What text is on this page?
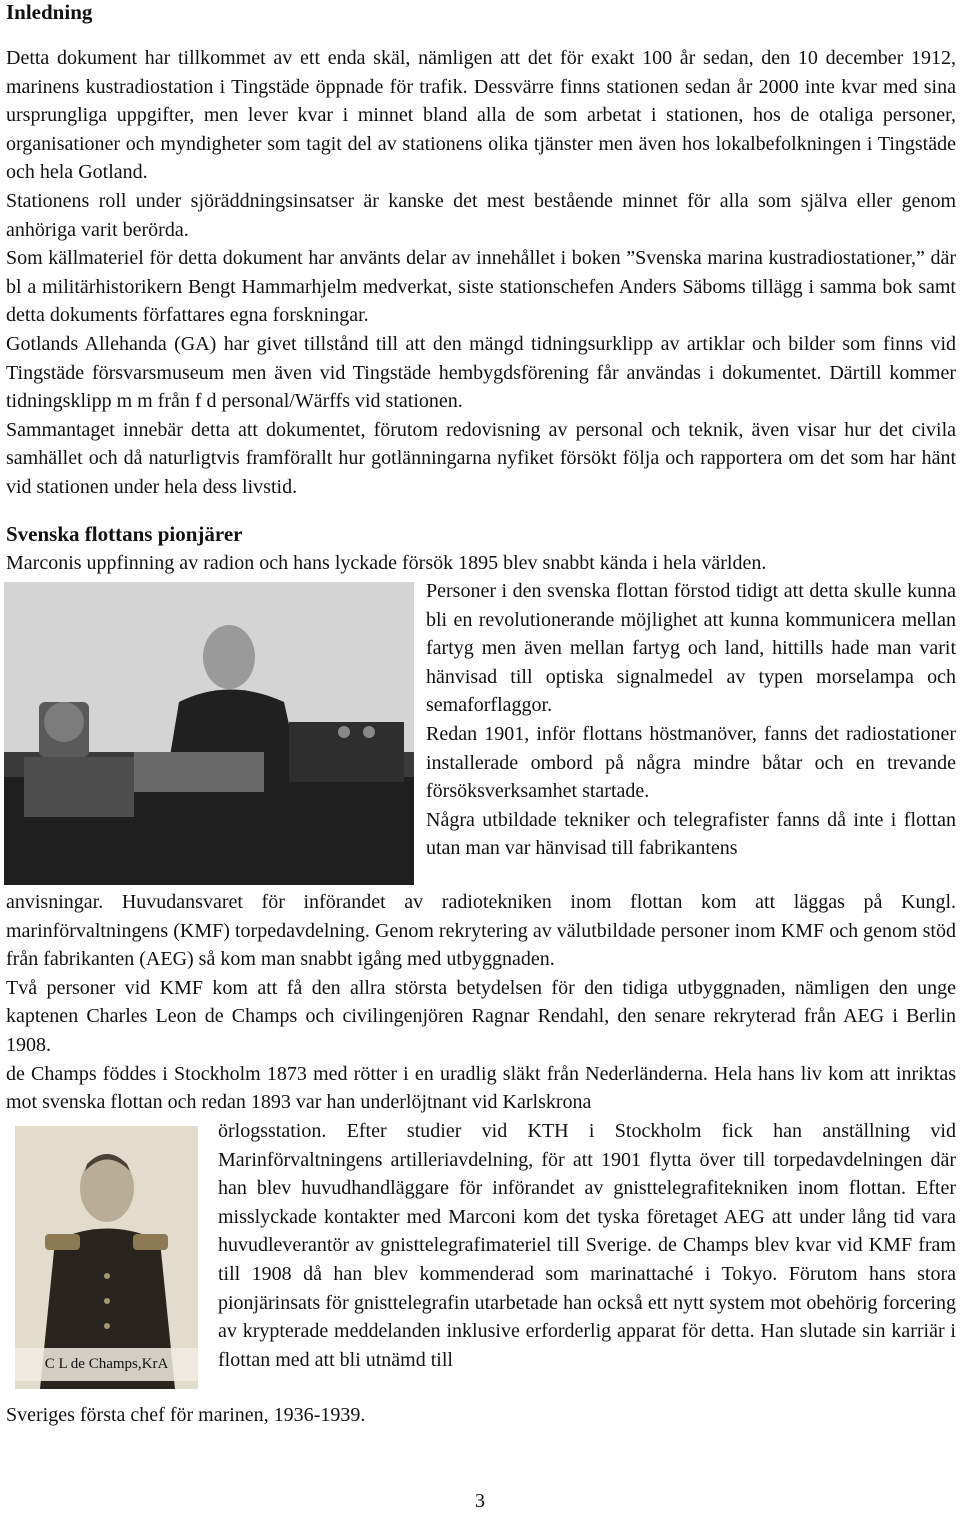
Inledning

Detta dokument har tillkommet av ett enda skäl, nämligen att det för exakt 100 år sedan, den 10 december 1912, marinens kustradiostation i Tingstäde öppnade för trafik. Dessvärre finns stationen sedan år 2000 inte kvar med sina ursprungliga uppgifter, men lever kvar i minnet bland alla de som arbetat i stationen, hos de otaliga personer, organisationer och myndigheter som tagit del av stationens olika tjänster men även hos lokalbefolkningen i Tingstäde och hela Gotland.

Stationens roll under sjöräddningsinsatser är kanske det mest bestående minnet för alla som själva eller genom anhöriga varit berörda.

Som källmateriel för detta dokument har använts delar av innehållet i boken ”Svenska marina kustradiostationer,” där bl a militärhistorikern Bengt Hammarhjelm medverkat, siste stationschefen Anders Säboms tillägg i samma bok samt detta dokuments författares egna forskningar.

Gotlands Allehanda (GA) har givet tillstånd till att den mängd tidningsurklipp av artiklar och bilder som finns vid Tingstäde försvarsmuseum men även vid Tingstäde hembygdsförening får användas i dokumentet. Därtill kommer tidningsklipp m m från f d personal/Wärffs vid stationen.

Sammantaget innebär detta att dokumentet, förutom redovisning av personal och teknik, även visar hur det civila samhället och då naturligtvis framförallt hur gotlänningarna nyfiket försökt följa och rapportera om det som har hänt vid stationen under hela dess livstid.

Svenska flottans pionjärer

Marconis uppfinning av radion och hans lyckade försök 1895 blev snabbt kända i hela världen.

Personer i den svenska flottan förstod tidigt att detta skulle kunna bli en revolutionerande möjlighet att kunna kommunicera mellan fartyg men även mellan fartyg och land, hittills hade man varit hänvisad till optiska signalmedel av typen morselampa och semaforflaggor.

Redan 1901, inför flottans höstmanöver, fanns det radiostationer installerade ombord på några mindre båtar och en trevande försöksverksamhet startade.

Några utbildade tekniker och telegrafister fanns då inte i flottan utan man var hänvisad till fabrikantens

anvisningar. Huvudansvaret för införandet av radiotekniken inom flottan kom att läggas på Kungl. marinförvaltningens (KMF) torpedavdelning. Genom rekrytering av välutbildade personer inom KMF och genom stöd från fabrikanten (AEG) så kom man snabbt igång med utbyggnaden.

Två personer vid KMF kom att få den allra största betydelsen för den tidiga utbyggnaden, nämligen den unge kaptenen Charles Leon de Champs och civilingenjören Ragnar Rendahl, den senare rekryterad från AEG i Berlin 1908.

de Champs föddes i Stockholm 1873 med rötter i en uradlig släkt från Nederländerna. Hela hans liv kom att inriktas mot svenska flottan och redan 1893 var han underlöjtnant vid Karlskrona

C L de Champs,KrA

örlogsstation. Efter studier vid KTH i Stockholm fick han anställning vid Marinförvaltningens artilleriavdelning, för att 1901 flytta över till torpedavdelningen där han blev huvudhandläggare för införandet av gnisttelegrafitekniken inom flottan. Efter misslyckade kontakter med Marconi kom det tyska företaget AEG att under lång tid vara huvudleverantör av gnisttelegrafimateriel till Sverige. de Champs blev kvar vid KMF fram till 1908 då han blev kommenderad som marinattaché i Tokyo. Förutom hans stora pionjärinsats för gnisttelegrafin utarbetade han också ett nytt system mot obehörig forcering av krypterade meddelanden inklusive erforderlig apparat för detta. Han slutade sin karriär i flottan med att bli utnämd till

Sveriges första chef för marinen, 1936-1939.

3
